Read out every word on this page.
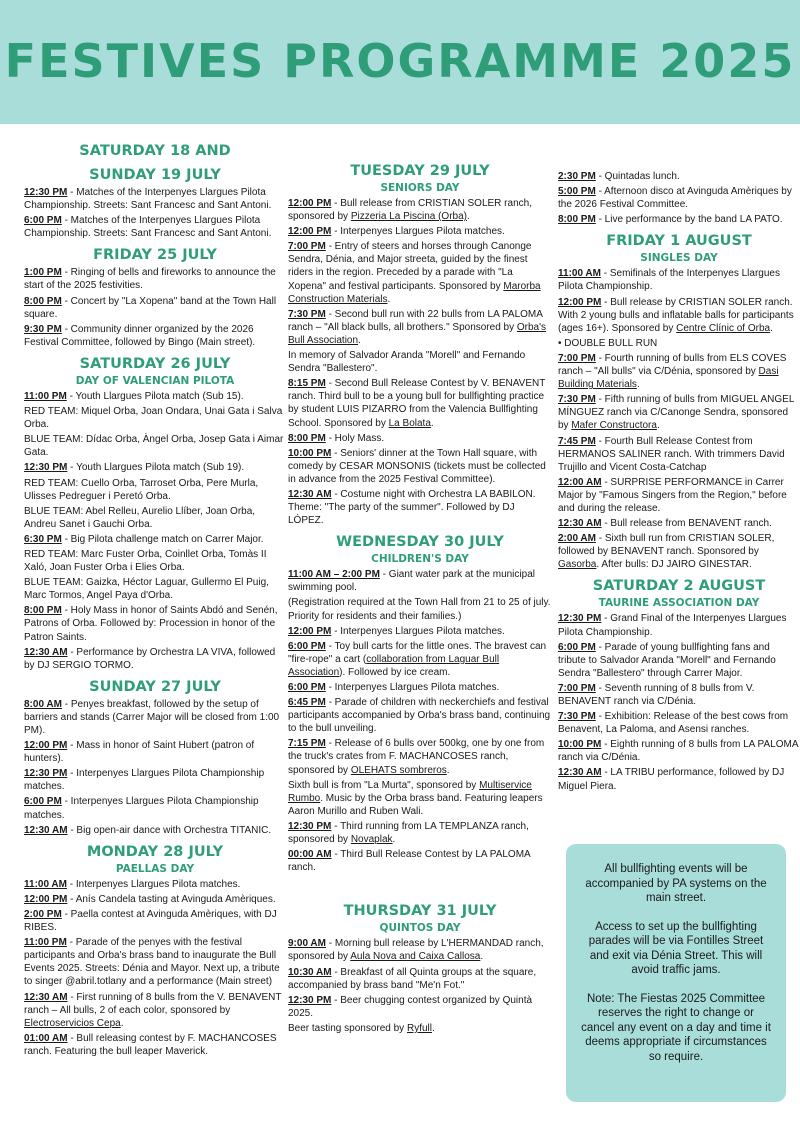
FESTIVES PROGRAMME 2025
SATURDAY 18 AND
SUNDAY 19 JULY
12:30 PM - Matches of the Interpenyes Llargues Pilota Championship. Streets: Sant Francesc and Sant Antoni.
6:00 PM - Matches of the Interpenyes Llargues Pilota Championship. Streets: Sant Francesc and Sant Antoni.
FRIDAY 25 JULY
1:00 PM - Ringing of bells and fireworks to announce the start of the 2025 festivities.
8:00 PM - Concert by "La Xopena" band at the Town Hall square.
9:30 PM - Community dinner organized by the 2026 Festival Committee, followed by Bingo (Main street).
SATURDAY 26 JULY
DAY OF VALENCIAN PILOTA
11:00 PM - Youth Llargues Pilota match (Sub 15).
RED TEAM: Miquel Orba, Joan Ondara, Unai Gata i Salva Orba.
BLUE TEAM: Dídac Orba, Àngel Orba, Josep Gata i Aimar Gata.
12:30 PM - Youth Llargues Pilota match (Sub 19).
RED TEAM: Cuello Orba, Tarroset Orba, Pere Murla, Ulisses Pedreguer i Peretó Orba.
BLUE TEAM: Abel Relleu, Aurelio Llíber, Joan Orba, Andreu Sanet i Gauchi Orba.
6:30 PM - Big Pilota challenge match on Carrer Major.
RED TEAM: Marc Fuster Orba, Coinllet Orba, Tomàs II Xaló, Joan Fuster Orba i Elies Orba.
BLUE TEAM: Gaizka, Héctor Laguar, Gullermo El Puig, Marc Tormos, Angel Paya d'Orba.
8:00 PM - Holy Mass in honor of Saints Abdó and Senén, Patrons of Orba. Followed by: Procession in honor of the Patron Saints.
12:30 AM - Performance by Orchestra LA VIVA, followed by DJ SERGIO TORMO.
SUNDAY 27 JULY
8:00 AM - Penyes breakfast, followed by the setup of barriers and stands (Carrer Major will be closed from 1:00 PM).
12:00 PM - Mass in honor of Saint Hubert (patron of hunters).
12:30 PM - Interpenyes Llargues Pilota Championship matches.
6:00 PM - Interpenyes Llargues Pilota Championship matches.
12:30 AM - Big open-air dance with Orchestra TITANIC.
MONDAY 28 JULY
PAELLAS DAY
11:00 AM - Interpenyes Llargues Pilota matches.
12:00 PM - Anís Candela tasting at Avinguda Amèriques.
2:00 PM - Paella contest at Avinguda Amèriques, with DJ RIBES.
11:00 PM - Parade of the penyes with the festival participants and Orba's brass band to inaugurate the Bull Events 2025. Streets: Dénia and Mayor. Next up, a tribute to singer @abril.totlany and a performance (Main street)
12:30 AM - First running of 8 bulls from the V. BENAVENT ranch – All bulls, 2 of each color, sponsored by Electroservicios Cepa.
01:00 AM - Bull releasing contest by F. MACHANCOSES ranch. Featuring the bull leaper Maverick.
TUESDAY 29 JULY
SENIORS DAY
12:00 PM - Bull release from CRISTIAN SOLER ranch, sponsored by Pizzeria La Piscina (Orba).
12:00 PM - Interpenyes Llargues Pilota matches.
7:00 PM - Entry of steers and horses through Canonge Sendra, Dénia, and Major streeta, guided by the finest riders in the region. Preceded by a parade with "La Xopena" and festival participants. Sponsored by Marorba Construction Materials.
7:30 PM - Second bull run with 22 bulls from LA PALOMA ranch – "All black bulls, all brothers." Sponsored by Orba's Bull Association.
In memory of Salvador Aranda "Morell" and Fernando Sendra "Ballestero".
8:15 PM - Second Bull Release Contest by V. BENAVENT ranch. Third bull to be a young bull for bullfighting practice by student LUIS PIZARRO from the Valencia Bullfighting School. Sponsored by La Bolata.
8:00 PM - Holy Mass.
10:00 PM - Seniors' dinner at the Town Hall square, with comedy by CESAR MONSONIS (tickets must be collected in advance from the 2025 Festival Committee).
12:30 AM - Costume night with Orchestra LA BABILON. Theme: "The party of the summer". Followed by DJ LÓPEZ.
WEDNESDAY 30 JULY
CHILDREN'S DAY
11:00 AM – 2:00 PM - Giant water park at the municipal swimming pool.
(Registration required at the Town Hall from 21 to 25 of july. Priority for residents and their families.)
12:00 PM - Interpenyes Llargues Pilota matches.
6:00 PM - Toy bull carts for the little ones. The bravest can "fire-rope" a cart (collaboration from Laguar Bull Association). Followed by ice cream.
6:00 PM - Interpenyes Llargues Pilota matches.
6:45 PM - Parade of children with neckerchiefs and festival participants accompanied by Orba's brass band, continuing to the bull unveiling.
7:15 PM - Release of 6 bulls over 500kg, one by one from the truck's crates from F. MACHANCOSES ranch, sponsored by OLEHATS sombreros.
Sixth bull is from "La Murta", sponsored by Multiservice Rumbo. Music by the Orba brass band. Featuring leapers Aaron Murillo and Ruben Wali.
12:30 PM - Third running from LA TEMPLANZA ranch, sponsored by Novaplak.
00:00 AM - Third Bull Release Contest by LA PALOMA ranch.
THURSDAY 31 JULY
QUINTOS DAY
9:00 AM - Morning bull release by L'HERMANDAD ranch, sponsored by Aula Nova and Caixa Callosa.
10:30 AM - Breakfast of all Quinta groups at the square, accompanied by brass band "Me'n Fot."
12:30 PM - Beer chugging contest organized by Quintà 2025.
Beer tasting sponsored by Ryfull.
2:30 PM - Quintadas lunch.
5:00 PM - Afternoon disco at Avinguda Amèriques by the 2026 Festival Committee.
8:00 PM - Live performance by the band LA PATO.
FRIDAY 1 AUGUST
SINGLES DAY
11:00 AM - Semifinals of the Interpenyes Llargues Pilota Championship.
12:00 PM - Bull release by CRISTIAN SOLER ranch. With 2 young bulls and inflatable balls for participants (ages 16+). Sponsored by Centre Clínic of Orba.
• DOUBLE BULL RUN
7:00 PM - Fourth running of bulls from ELS COVES ranch – "All bulls" via C/Dénia, sponsored by Dasi Building Materials.
7:30 PM - Fifth running of bulls from MIGUEL ANGEL MÍNGUEZ ranch via C/Canonge Sendra, sponsored by Mafer Constructora.
7:45 PM - Fourth Bull Release Contest from HERMANOS SALINER ranch. With trimmers David Trujillo and Vicent Costa-Catchap
12:00 AM - SURPRISE PERFORMANCE in Carrer Major by "Famous Singers from the Region," before and during the release.
12:30 AM - Bull release from BENAVENT ranch.
2:00 AM - Sixth bull run from CRISTIAN SOLER, followed by BENAVENT ranch. Sponsored by Gasorba. After bulls: DJ JAIRO GINESTAR.
SATURDAY 2 AUGUST
TAURINE ASSOCIATION DAY
12:30 PM - Grand Final of the Interpenyes Llargues Pilota Championship.
6:00 PM - Parade of young bullfighting fans and tribute to Salvador Aranda "Morell" and Fernando Sendra "Ballestero" through Carrer Major.
7:00 PM - Seventh running of 8 bulls from V. BENAVENT ranch via C/Dénia.
7:30 PM - Exhibition: Release of the best cows from Benavent, La Paloma, and Asensi ranches.
10:00 PM - Eighth running of 8 bulls from LA PALOMA ranch via C/Dénia.
12:30 AM - LA TRIBU performance, followed by DJ Miguel Piera.

All bullfighting events will be accompanied by PA systems on the main street.

Access to set up the bullfighting parades will be via Fontilles Street and exit via Dénia Street. This will avoid traffic jams.

Note: The Fiestas 2025 Committee reserves the right to change or cancel any event on a day and time it deems appropriate if circumstances so require.
